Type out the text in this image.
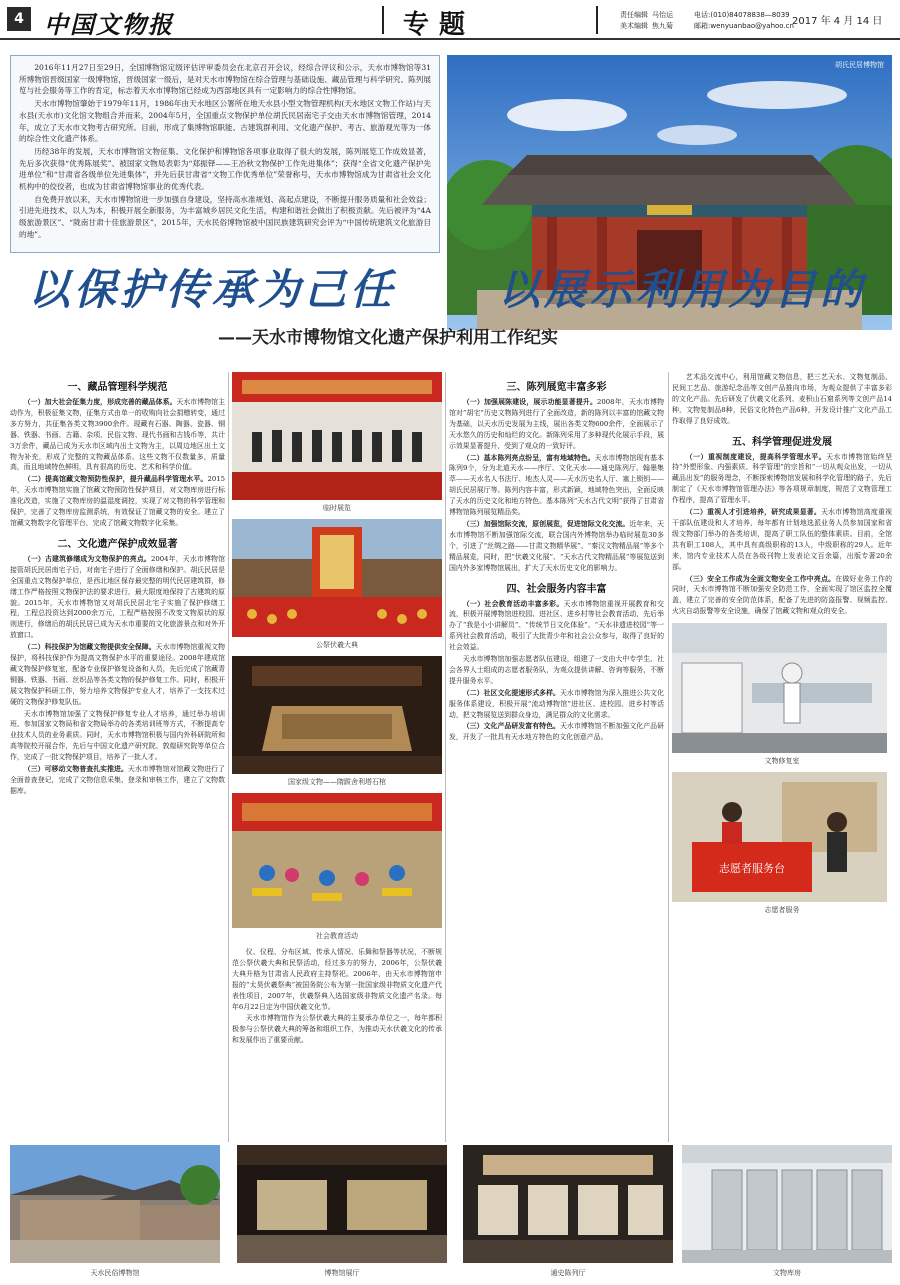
4 中国文物报	专题	责任编辑 马怡运
美术编辑 焦九菊
电话:(010)84078838—8039
邮箱:wenyuanbao@yahoo.cn
2017 年 4 月 14 日

2016年11月27日至29日，全国博物馆定级评估评审委员会在北京召开会议，经综合评议和公示，天水市博物馆等31所博物馆晋级国家一级博物馆，晋级国家一级后，是对天水市博物馆在综合管理与基础设施、藏品管理与科学研究、陈列展览与社会服务等工作的肯定，标志着天水市博物馆已经成为西部地区具有一定影响力的综合性博物馆。

天水市博物馆肇始于1979年11月，1986年由天水地区公署所在地天水县小型文物管理机构(天水地区文物工作站)与天水县(天水市)文化馆文物组合并而来，2004年5月，全国重点文物保护单位胡氏民居南宅子交由天水市博物馆管理，2014年，成立了天水市文物考古研究所。目前，形成了集博物馆职能、古建筑群利用、文化遗产保护、考古、旅游观光等为一体的综合性文化遗产体系。

历经38年的发展，天水市博物馆文物征集、文化保护和博物馆各项事业取得了很大的发展，陈列展览工作成效显著，先后多次获得“优秀陈展奖”、被国家文物局表彰为“郑振铎——王冶秋文物保护工作先进集体”；获得“全省文化遗产保护先进单位”和“甘肃省各级单位先进集体”，并先后获甘肃省“文物工作优秀单位”荣誉称号，天水市博物馆成为甘肃省社会文化机构中的佼佼者，也成为甘肃省博物馆事业的优秀代表。

自免费开放以来，天水市博物馆进一步加强自身建设，坚持高水准规划、高起点建设，不断提升服务质量和社会效益；引进先进技术，以人为本，积极开展全新服务，为丰富城乡居民文化生活，构建和谐社会做出了积极贡献。先后被评为“4A级旅游景区”、“陇南甘肃十佳旅游景区”，2015年，天水民俗博物馆被中国民族建筑研究会评为“中国传统建筑文化旅游目的地”。

胡氏民居博物馆
以保护传承为己任 以展示利用为目的
——天水市博物馆文化遗产保护利用工作纪实
一、藏品管理科学规范

（一）加大社会征集力度，形成完善的藏品体系。天水市博物馆主动作为，积极征集文物，征集方式由单一的收购向社会捐赠转变，通过多方努力，共征集各类文物3900余件。现藏有石器、陶器、瓷器、铜器、铁器、书画、古籍、杂项、民俗文物、现代书画和古钱币等，共计3万余件，藏品已成为天水市区域内出土文物为主，以周边地区出土文物为补充，形成了完整的文物藏品体系。这些文物不仅数量多，质量高，而且地域特色鲜明，具有很高的历史、艺术和科学价值。

（二）提高馆藏文物预防性保护，提升藏品科学管理水平。2015年，天水市博物馆实施了馆藏文物预防性保护项目，对文物库房进行标准化改造，实施了文物库房的温湿度调控，实现了对文物的科学管理和保护，完善了文物库房监测系统，有效保证了馆藏文物的安全。建立了馆藏文物数字化管理平台，完成了馆藏文物数字化采集。

二、文化遗产保护成效显著

（一）古建筑修缮成为文物保护的亮点。2004年，天水市博物馆接管胡氏民居南宅子后，对南宅子进行了全面修缮和保护。胡氏民居是全国重点文物保护单位，是西北地区保存最完整的明代民居建筑群，修缮工作严格按照文物保护法的要求进行，最大限度地保持了古建筑的原貌。2015年，天水市博物馆又对胡氏民居北宅子实施了保护修缮工程，工程总投资达到2000余万元，工程严格按照不改变文物原状的原则进行，修缮后的胡氏民居已成为天水市重要的文化旅游景点和对外开放窗口。

（二）科技保护为馆藏文物提供安全保障。天水市博物馆重视文物保护，将科技保护作为提高文物保护水平的重要途径。2008年建成馆藏文物保护修复室，配备专业保护修复设备和人员，先后完成了馆藏青铜器、铁器、书画、丝织品等各类文物的保护修复工作。同时，积极开展文物保护科研工作，努力培养文物保护专业人才，培养了一支技术过硬的文物保护修复队伍。

天水市博物馆加强了文物保护修复专业人才培养，通过举办培训班、参加国家文物局和省文物局举办的各类培训班等方式，不断提高专业技术人员的业务素质。同时，天水市博物馆积极与国内外科研院所和高等院校开展合作，先后与中国文化遗产研究院、敦煌研究院等单位合作，完成了一批文物保护项目，培养了一批人才。

（三）可移动文物普查扎实推进。天水市博物馆对馆藏文物进行了全面普查登记，完成了文物信息采集、登录和审核工作，建立了文物数据库。

临时展览
公祭伏羲大典
国家级文物——隋跋舍利塔石棺
社会教育活动

仪、仪程、分布区域、传承人情况、乐舞和祭器等状况，不断规范公祭伏羲大典和民祭活动，经过多方的努力，2006年，公祭伏羲大典升格为甘肃省人民政府主持祭祀。2006年，由天水市博物馆申报的“太昊伏羲祭典”被国务院公布为第一批国家级非物质文化遗产代表性项目，2007年，伏羲祭典入选国家级非物质文化遗产名录。每年6月22日定为中国伏羲文化节。

天水市博物馆作为公祭伏羲大典的主要承办单位之一，每年都积极参与公祭伏羲大典的筹备和组织工作，为推动天水伏羲文化的传承和发展作出了重要贡献。

三、陈列展览丰富多彩

（一）加强展陈建设，展示功能显著提升。2008年，天水市博物馆对“胡宅”历史文物陈列进行了全面改造，新的陈列以丰富的馆藏文物为基础，以天水历史发展为主线，展出各类文物600余件，全面展示了天水悠久的历史和灿烂的文化。新陈列采用了多种现代化展示手段，展示效果显著提升，受到了观众的一致好评。

（二）基本陈列亮点纷呈，富有地域特色。天水市博物馆现有基本陈列9个，分为北道天水——序厅、文化天水——通史陈列厅、翰墨集萃——天水名人书法厅、地杰人灵——天水历史名人厅、塞上锁钥——胡氏民居展厅等。陈列内容丰富，形式新颖，地域特色突出，全面反映了天水的历史文化和地方特色。基本陈列“天水古代文明”获得了甘肃省博物馆陈列展览精品奖。

（三）加强馆际交流，原创展览，促进馆际文化交流。近年来，天水市博物馆不断加强馆际交流，联合国内外博物馆举办临时展览30多个，引进了“丝绸之路——甘肃文物精华展”、“秦汉文物精品展”等多个精品展览，同时，把“伏羲文化展”、“天水古代文物精品展”等展览送到国内外多家博物馆展出，扩大了天水历史文化的影响力。

四、社会服务内容丰富

（一）社会教育活动丰富多彩。天水市博物馆重视开展教育和交流，积极开展博物馆进校园、进社区、进乡村等社会教育活动，先后举办了“我是小小讲解员”、“传统节日文化体验”、“天水非遗进校园”等一系列社会教育活动，吸引了大批青少年和社会公众参与，取得了良好的社会效益。

天水市博物馆加强志愿者队伍建设，组建了一支由大中专学生、社会各界人士组成的志愿者服务队，为观众提供讲解、咨询等服务，不断提升服务水平。

（二）社区文化提速形式多样。天水市博物馆为深入推进公共文化服务体系建设，积极开展“流动博物馆”进社区、进校园、进乡村等活动，把文物展览送到群众身边，满足群众的文化需求。

（三）文化产品研发富有特色。天水市博物馆不断加强文化产品研发，开发了一批具有天水地方特色的文化创意产品。

艺术品交流中心，利用馆藏文物信息，把三艺天水、文物复制品、民间工艺品、旅游纪念品等文创产品推向市场，为观众提供了丰富多彩的文化产品。先后研发了伏羲文化系列、麦积山石窟系列等文创产品14种，文物复制品8种，民俗文化特色产品6种，开发设计推广文化产品工作取得了良好成效。

五、科学管理促进发展

（一）重视制度建设，提高科学管理水平。天水市博物馆始终坚持“外塑形象、内强素质、科学管理”的宗旨和“一切从观众出发，一切从藏品出发”的服务理念，不断探索博物馆发展和科学化管理的路子，先后制定了《天水市博物馆管理办法》等各项规章制度，规范了文物管理工作程序，提高了管理水平。

（二）重视人才引进培养，研究成果显著。天水市博物馆高度重视干部队伍建设和人才培养，每年都有计划地选派业务人员参加国家和省级文物部门举办的各类培训，提高了职工队伍的整体素质。目前，全馆共有职工108人，其中具有高级职称的13人，中级职称的29人。近年来，馆内专业技术人员在各级刊物上发表论文百余篇，出版专著20余部。

（三）安全工作成为全面文物安全工作中亮点。在做好业务工作的同时，天水市博物馆不断加强安全防范工作，全面实现了馆区监控全覆盖，建立了完善的安全防范体系，配备了先进的防盗报警、视频监控、火灾自动报警等安全设施，确保了馆藏文物和观众的安全。

文物修复室
志愿者服务台
志愿者服务
天水民俗博物馆	博物馆展厅	通史陈列厅	文物库房
